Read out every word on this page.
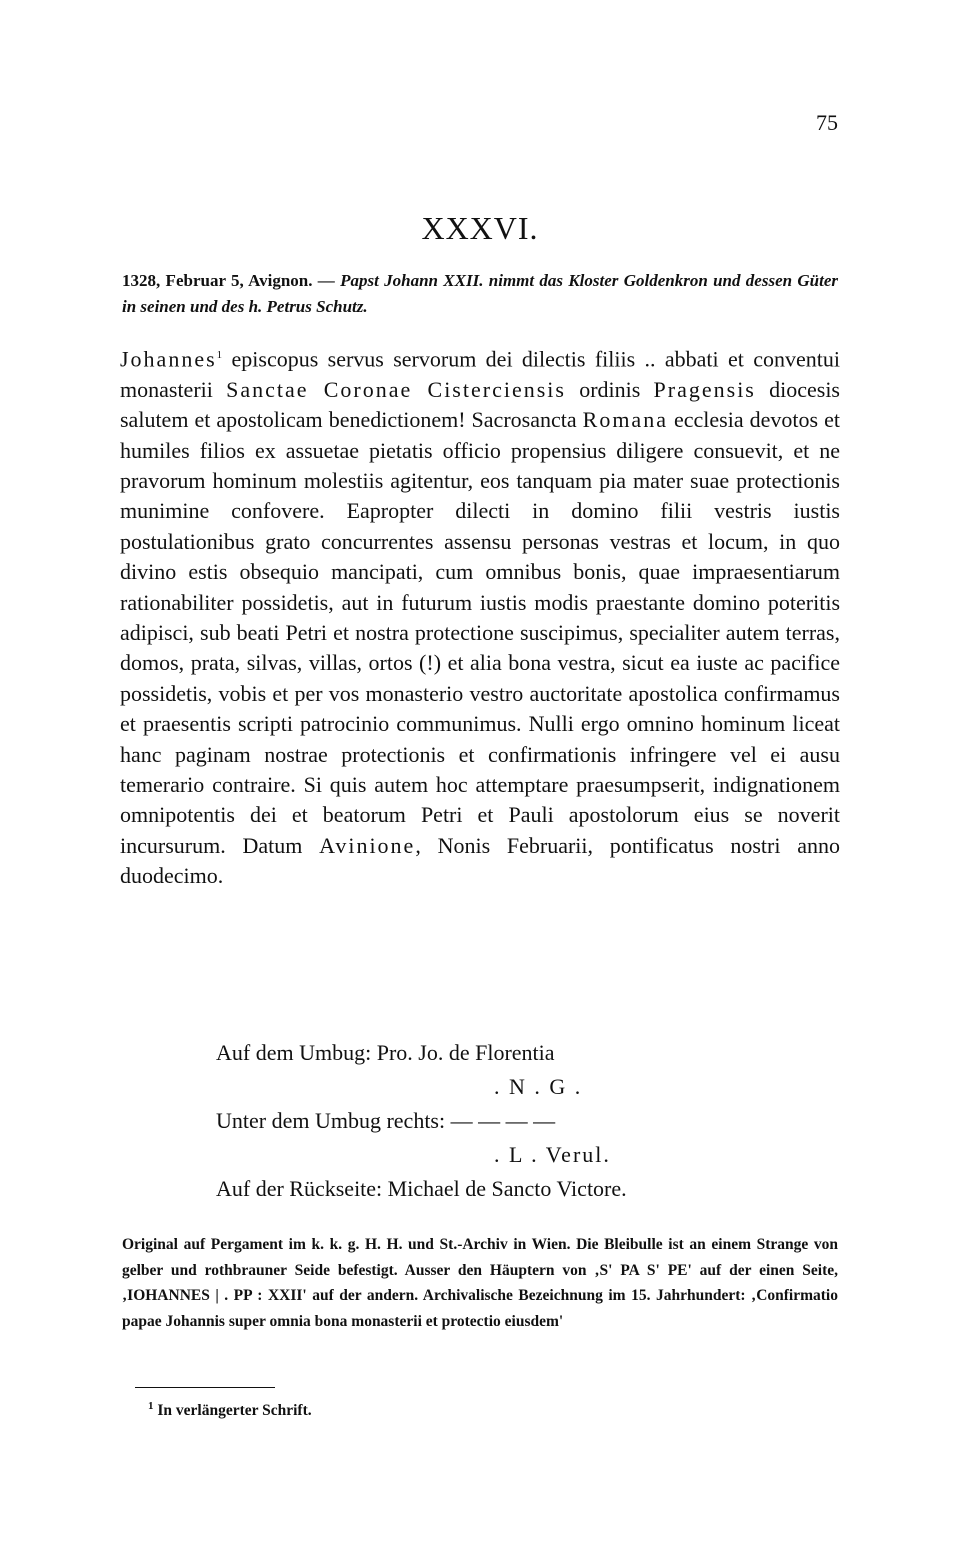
75
XXXVI.
1328, Februar 5, Avignon. — Papst Johann XXII. nimmt das Kloster Goldenkron und dessen Güter in seinen und des h. Petrus Schutz.
Johannes$^1$ episcopus servus servorum dei dilectis filiis .. abbati et conventui monasterii Sanctae Coronae Cisterciensis ordinis Pragensis diocesis salutem et apostolicam benedictionem! Sacrosancta Romana ecclesia devotos et humiles filios ex assuetae pietatis officio propensius diligere consuevit, et ne pravorum hominum molestiis agitentur, eos tanquam pia mater suae protectionis munimine confovere. Eapropter dilecti in domino filii vestris iustis postulationibus grato concurrentes assensu personas vestras et locum, in quo divino estis obsequio mancipati, cum omnibus bonis, quae impraesentiarum rationabiliter possidetis, aut in futurum iustis modis praestante domino poteritis adipisci, sub beati Petri et nostra protectione suscipimus, specialiter autem terras, domos, prata, silvas, villas, ortos (!) et alia bona vestra, sicut ea iuste ac pacifice possidetis, vobis et per vos monasterio vestro auctoritate apostolica confirmamus et praesentis scripti patrocinio communimus. Nulli ergo omnino hominum liceat hanc paginam nostrae protectionis et confirmationis infringere vel ei ausu temerario contraire. Si quis autem hoc attemptare praesumpserit, indignationem omnipotentis dei et beatorum Petri et Pauli apostolorum eius se noverit incursurum. Datum Avinione, Nonis Februarii, pontificatus nostri anno duodecimo.
Auf dem Umbug: Pro. Jo. de Florentia
. N . G .
Unter dem Umbug rechts: — — — —
. L . Verul.
Auf der Rückseite: Michael de Sancto Victore.
Original auf Pergament im k. k. g. H. H. und St.-Archiv in Wien. Die Bleibulle ist an einem Strange von gelber und rothbrauner Seide befestigt. Ausser den Häuptern von ‚S' PA S' PE' auf der einen Seite, ‚IOHANNES | . PP : XXII' auf der andern. Archivalische Bezeichnung im 15. Jahrhundert: ‚Confirmatio papae Johannis super omnia bona monasterii et protectio eiusdem'
$^1$ In verlängerter Schrift.
